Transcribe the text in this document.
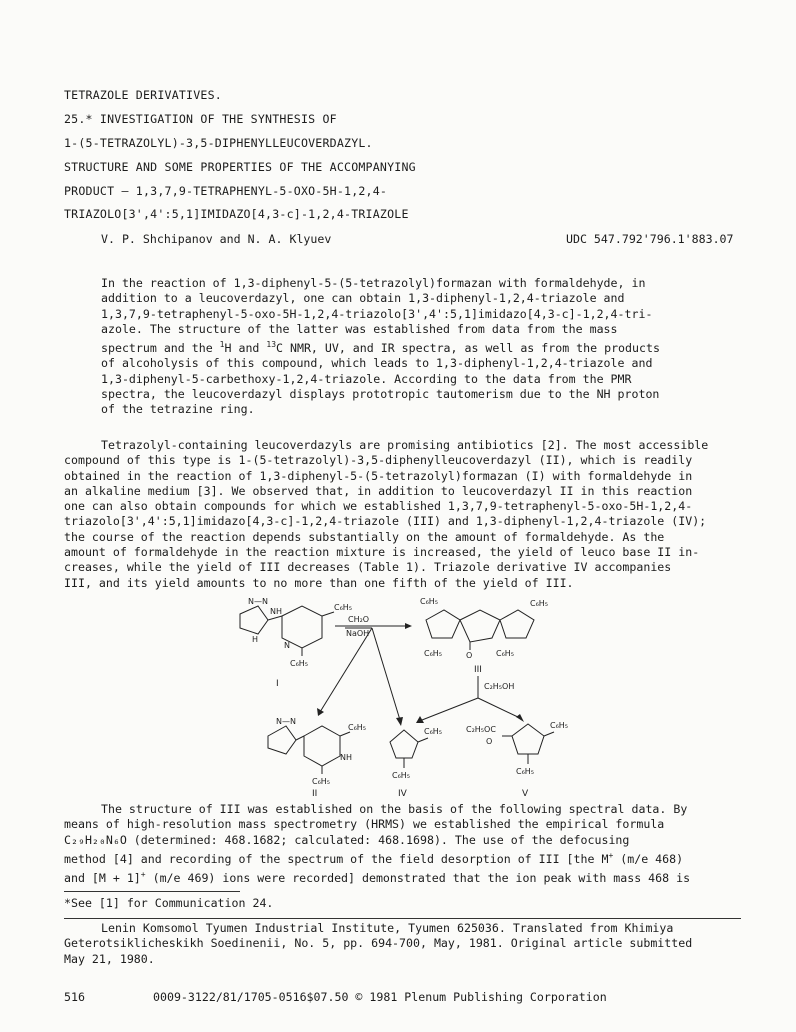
TETRAZOLE DERIVATIVES.
25.* INVESTIGATION OF THE SYNTHESIS OF
1-(5-TETRAZOLYL)-3,5-DIPHENYLLEUCOVERDAZYL.
STRUCTURE AND SOME PROPERTIES OF THE ACCOMPANYING
PRODUCT — 1,3,7,9-TETRAPHENYL-5-OXO-5H-1,2,4-
TRIAZOLO[3',4':5,1]IMIDAZO[4,3-c]-1,2,4-TRIAZOLE
V. P. Shchipanov and N. A. Klyuev	UDC 547.792'796.1'883.07
In the reaction of 1,3-diphenyl-5-(5-tetrazolyl)formazan with formaldehyde, in
addition to a leucoverdazyl, one can obtain 1,3-diphenyl-1,2,4-triazole and
1,3,7,9-tetraphenyl-5-oxo-5H-1,2,4-triazolo[3',4':5,1]imidazo[4,3-c]-1,2,4-tri-
azole. The structure of the latter was established from data from the mass
spectrum and the $^1$H and $^{13}$C NMR, UV, and IR spectra, as well as from the products
of alcoholysis of this compound, which leads to 1,3-diphenyl-1,2,4-triazole and
1,3-diphenyl-5-carbethoxy-1,2,4-triazole. According to the data from the PMR
spectra, the leucoverdazyl displays prototropic tautomerism due to the NH proton
of the tetrazine ring.
Tetrazolyl-containing leucoverdazyls are promising antibiotics [2]. The most accessible
compound of this type is 1-(5-tetrazolyl)-3,5-diphenylleucoverdazyl (II), which is readily
obtained in the reaction of 1,3-diphenyl-5-(5-tetrazolyl)formazan (I) with formaldehyde in
an alkaline medium [3]. We observed that, in addition to leucoverdazyl II in this reaction
one can also obtain compounds for which we established 1,3,7,9-tetraphenyl-5-oxo-5H-1,2,4-
triazolo[3',4':5,1]imidazo[4,3-c]-1,2,4-triazole (III) and 1,3-diphenyl-1,2,4-triazole (IV);
the course of the reaction depends substantially on the amount of formaldehyde. As the
amount of formaldehyde in the reaction mixture is increased, the yield of leuco base II in-
creases, while the yield of III decreases (Table 1). Triazole derivative IV accompanies
III, and its yield amounts to no more than one fifth of the yield of III.
N—N
NH
N
H
C₆H₅
C₆H₅
I
CH₂O
NaOH
C₆H₅	C₆H₅
C₆H₅	C₆H₅
O
III
C₂H₅OH
N—N
NH
C₆H₅
C₆H₅
II
C₆H₅
C₆H₅
IV
C₂H₅OC
O
C₆H₅
C₆H₅
V
The structure of III was established on the basis of the following spectral data. By
means of high-resolution mass spectrometry (HRMS) we established the empirical formula
C₂₉H₂₀N₆O (determined: 468.1682; calculated: 468.1698). The use of the defocusing
method [4] and recording of the spectrum of the field desorption of III [the M+ (m/e 468)
and [M + 1]+ (m/e 469) ions were recorded] demonstrated that the ion peak with mass 468 is
*See [1] for Communication 24.
Lenin Komsomol Tyumen Industrial Institute, Tyumen 625036. Translated from Khimiya
Geterotsiklicheskikh Soedinenii, No. 5, pp. 694-700, May, 1981. Original article submitted
May 21, 1980.
516	0009-3122/81/1705-0516$07.50 © 1981 Plenum Publishing Corporation
